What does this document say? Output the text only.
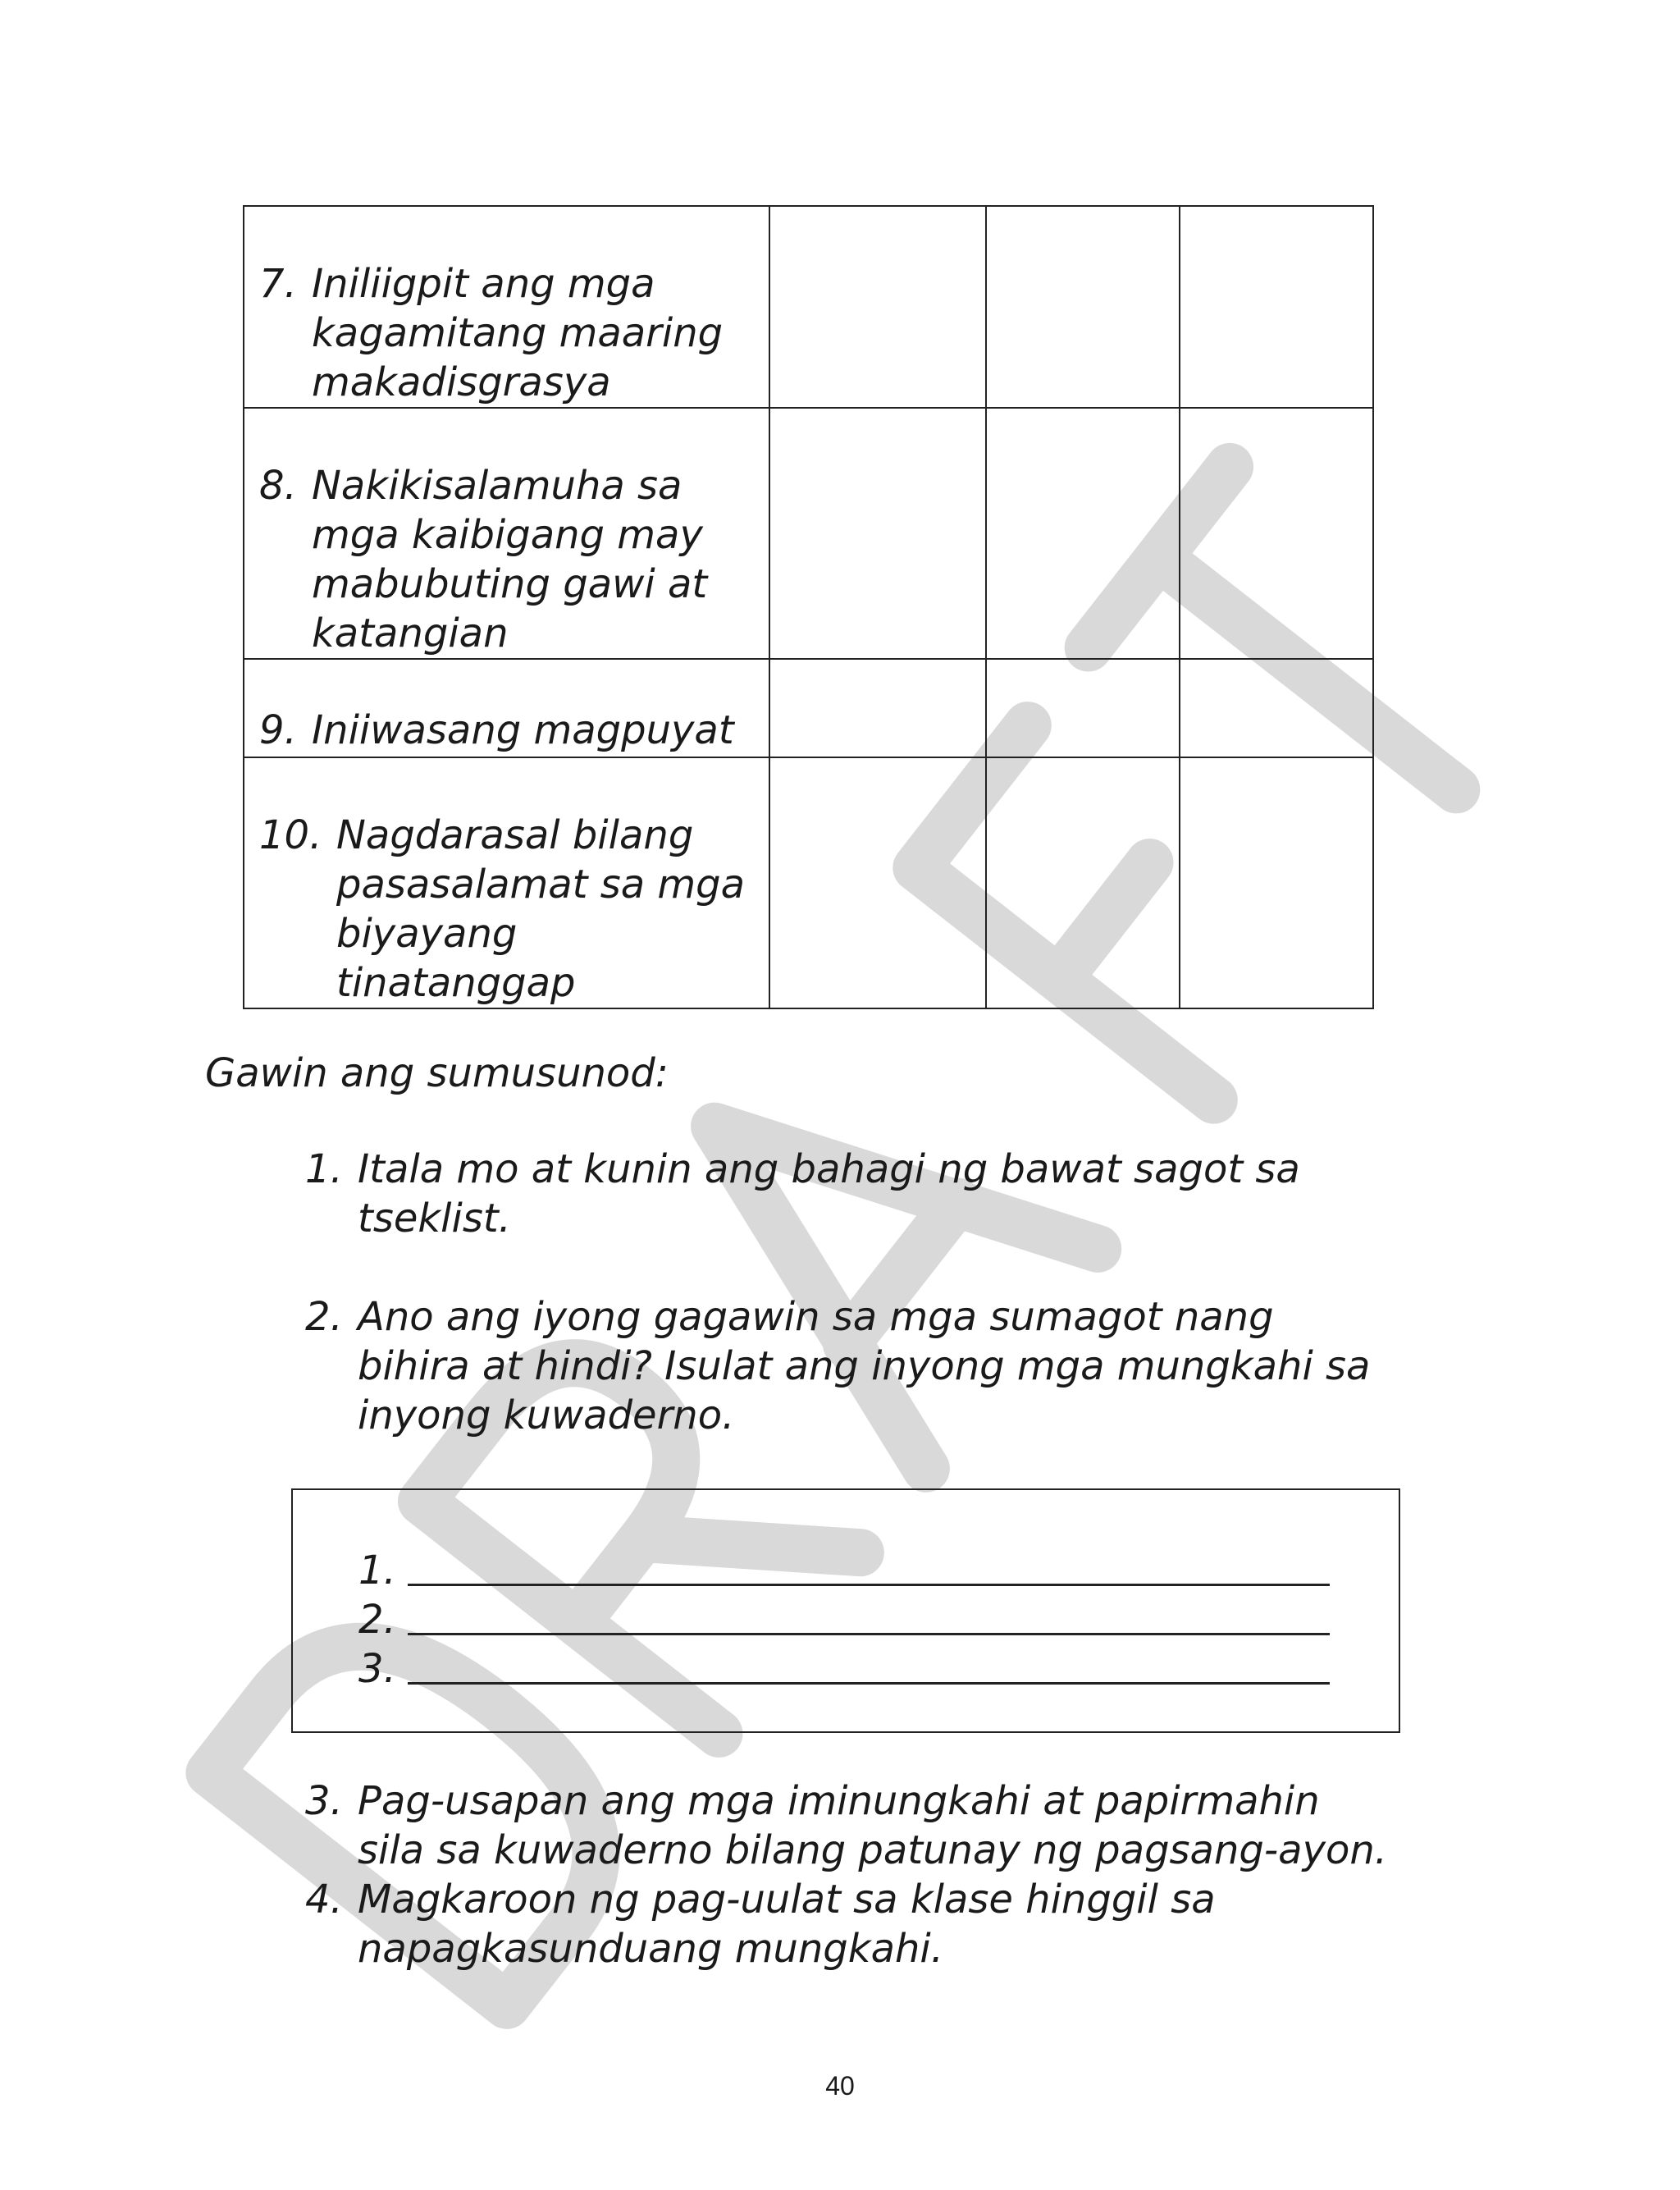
7. Iniliigpit ang mga kagamitang maaring makadisgrasya			

8. Nakikisalamuha sa mga kaibigang may mabubuting gawi at katangian			

9. Iniiwasang magpuyat			

10. Nagdarasal bilang pasasalamat sa mga biyayang tinatanggap			

Gawin ang sumusunod:
1. Itala mo at kunin ang bahagi ng bawat sagot sa tseklist.
2. Ano ang iyong gagawin sa mga sumagot nang bihira at hindi? Isulat ang inyong mga mungkahi sa inyong kuwaderno.
1.
2.
3.
3. Pag-usapan ang mga iminungkahi at papirmahin sila sa kuwaderno bilang patunay ng pagsang-ayon.
4. Magkaroon ng pag-uulat sa klase hinggil sa napagkasunduang mungkahi.
40
